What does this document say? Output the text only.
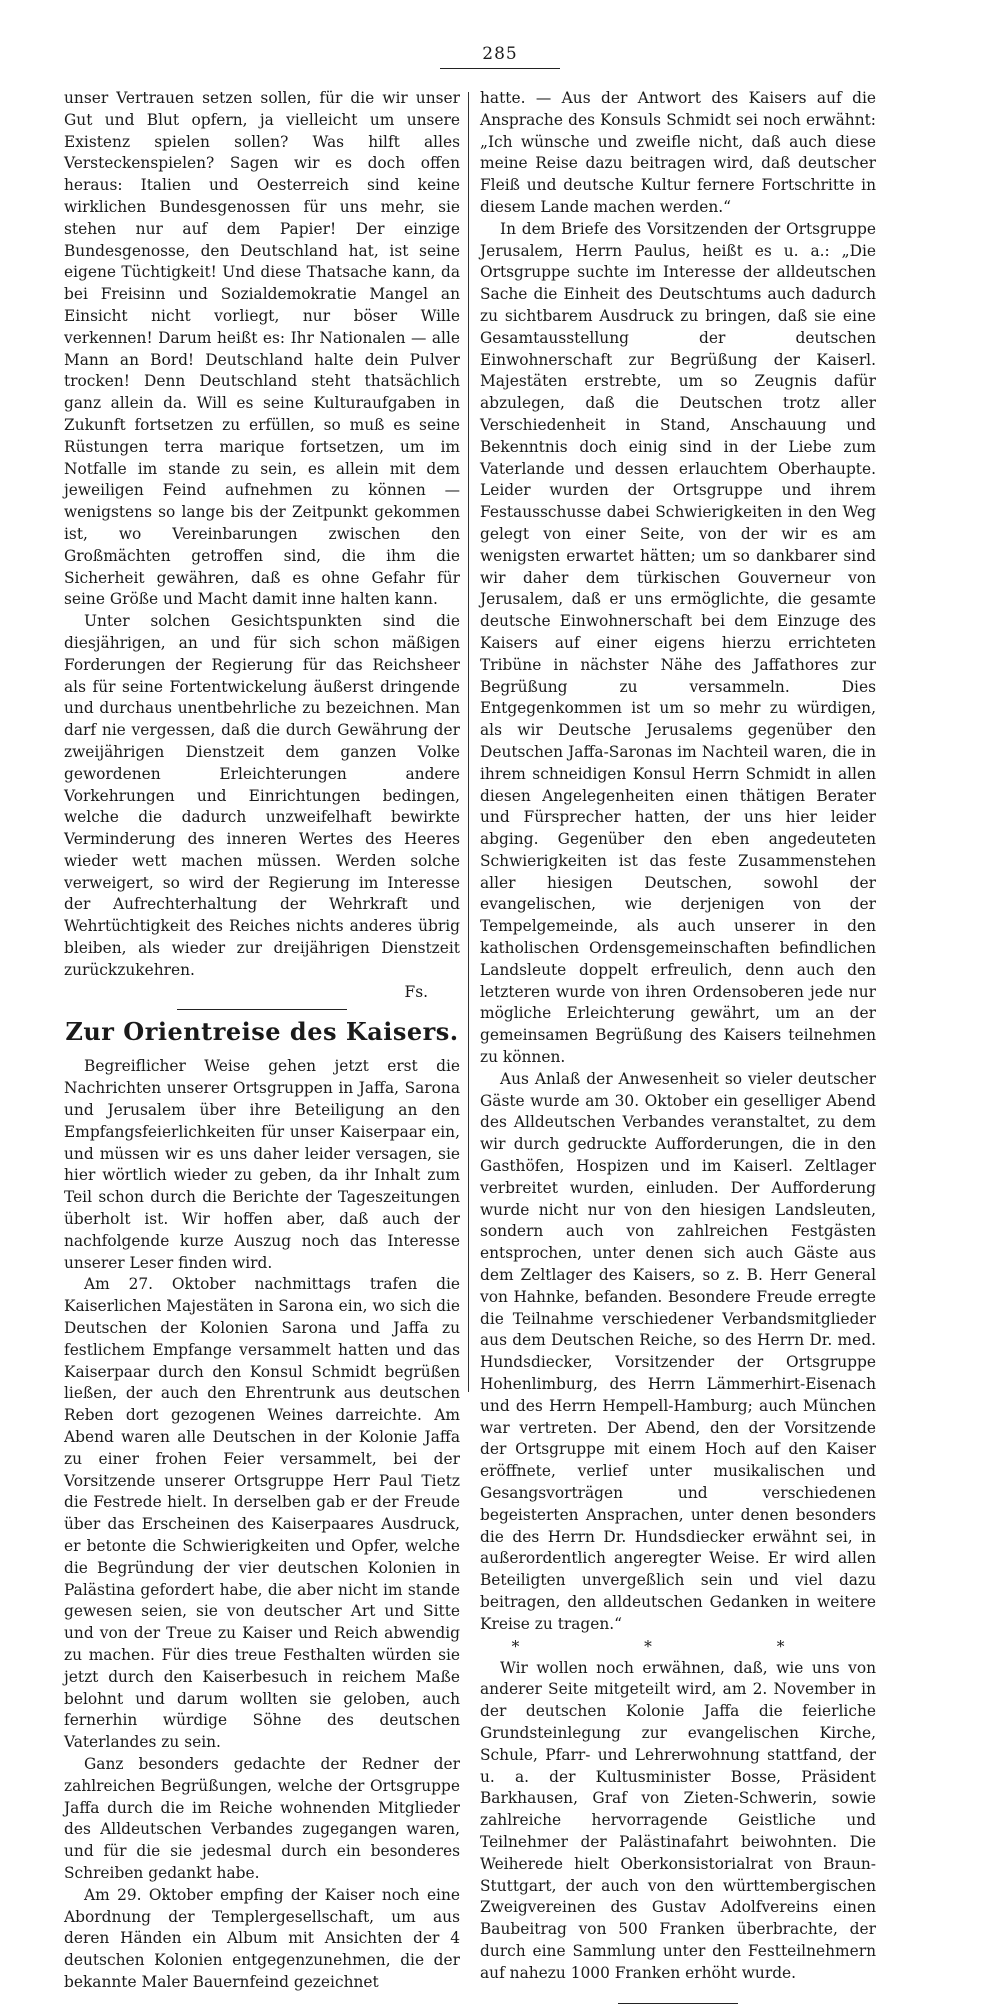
285

unser Vertrauen setzen sollen, für die wir unser Gut und Blut opfern, ja vielleicht um unsere Existenz spielen sollen? Was hilft alles Versteckenspielen? Sagen wir es doch offen heraus: Italien und Oesterreich sind keine wirklichen Bundesgenossen für uns mehr, sie stehen nur auf dem Papier! Der einzige Bundesgenosse, den Deutschland hat, ist seine eigene Tüchtigkeit! Und diese Thatsache kann, da bei Freisinn und Sozialdemokratie Mangel an Einsicht nicht vorliegt, nur böser Wille verkennen! Darum heißt es: Ihr Nationalen — alle Mann an Bord! Deutschland halte dein Pulver trocken! Denn Deutschland steht thatsächlich ganz allein da. Will es seine Kulturaufgaben in Zukunft fortsetzen zu erfüllen, so muß es seine Rüstungen terra marique fortsetzen, um im Notfalle im stande zu sein, es allein mit dem jeweiligen Feind aufnehmen zu können — wenigstens so lange bis der Zeitpunkt gekommen ist, wo Vereinbarungen zwischen den Großmächten getroffen sind, die ihm die Sicherheit gewähren, daß es ohne Gefahr für seine Größe und Macht damit inne halten kann.

Unter solchen Gesichtspunkten sind die diesjährigen, an und für sich schon mäßigen Forderungen der Regierung für das Reichsheer als für seine Fortentwickelung äußerst dringende und durchaus unentbehrliche zu bezeichnen. Man darf nie vergessen, daß die durch Gewährung der zweijährigen Dienstzeit dem ganzen Volke gewordenen Erleichterungen andere Vorkehrungen und Einrichtungen bedingen, welche die dadurch unzweifelhaft bewirkte Verminderung des inneren Wertes des Heeres wieder wett machen müssen. Werden solche verweigert, so wird der Regierung im Interesse der Aufrechterhaltung der Wehrkraft und Wehrtüchtigkeit des Reiches nichts anderes übrig bleiben, als wieder zur dreijährigen Dienstzeit zurückzukehren.

Fs.

Zur Orientreise des Kaisers.

Begreiflicher Weise gehen jetzt erst die Nachrichten unserer Ortsgruppen in Jaffa, Sarona und Jerusalem über ihre Beteiligung an den Empfangsfeierlichkeiten für unser Kaiserpaar ein, und müssen wir es uns daher leider versagen, sie hier wörtlich wieder zu geben, da ihr Inhalt zum Teil schon durch die Berichte der Tageszeitungen überholt ist. Wir hoffen aber, daß auch der nachfolgende kurze Auszug noch das Interesse unserer Leser finden wird.

Am 27. Oktober nachmittags trafen die Kaiserlichen Majestäten in Sarona ein, wo sich die Deutschen der Kolonien Sarona und Jaffa zu festlichem Empfange versammelt hatten und das Kaiserpaar durch den Konsul Schmidt begrüßen ließen, der auch den Ehrentrunk aus deutschen Reben dort gezogenen Weines darreichte. Am Abend waren alle Deutschen in der Kolonie Jaffa zu einer frohen Feier versammelt, bei der Vorsitzende unserer Ortsgruppe Herr Paul Tietz die Festrede hielt. In derselben gab er der Freude über das Erscheinen des Kaiserpaares Ausdruck, er betonte die Schwierigkeiten und Opfer, welche die Begründung der vier deutschen Kolonien in Palästina gefordert habe, die aber nicht im stande gewesen seien, sie von deutscher Art und Sitte und von der Treue zu Kaiser und Reich abwendig zu machen. Für dies treue Festhalten würden sie jetzt durch den Kaiserbesuch in reichem Maße belohnt und darum wollten sie geloben, auch fernerhin würdige Söhne des deutschen Vaterlandes zu sein.

Ganz besonders gedachte der Redner der zahlreichen Begrüßungen, welche der Ortsgruppe Jaffa durch die im Reiche wohnenden Mitglieder des Alldeutschen Verbandes zugegangen waren, und für die sie jedesmal durch ein besonderes Schreiben gedankt habe.

Am 29. Oktober empfing der Kaiser noch eine Abordnung der Templergesellschaft, um aus deren Händen ein Album mit Ansichten der 4 deutschen Kolonien entgegenzunehmen, die der bekannte Maler Bauernfeind gezeichnet

hatte. — Aus der Antwort des Kaisers auf die Ansprache des Konsuls Schmidt sei noch erwähnt: „Ich wünsche und zweifle nicht, daß auch diese meine Reise dazu beitragen wird, daß deutscher Fleiß und deutsche Kultur fernere Fortschritte in diesem Lande machen werden.“

In dem Briefe des Vorsitzenden der Ortsgruppe Jerusalem, Herrn Paulus, heißt es u. a.: „Die Ortsgruppe suchte im Interesse der alldeutschen Sache die Einheit des Deutschtums auch dadurch zu sichtbarem Ausdruck zu bringen, daß sie eine Gesamtausstellung der deutschen Einwohnerschaft zur Begrüßung der Kaiserl. Majestäten erstrebte, um so Zeugnis dafür abzulegen, daß die Deutschen trotz aller Verschiedenheit in Stand, Anschauung und Bekenntnis doch einig sind in der Liebe zum Vaterlande und dessen erlauchtem Oberhaupte. Leider wurden der Ortsgruppe und ihrem Festausschusse dabei Schwierigkeiten in den Weg gelegt von einer Seite, von der wir es am wenigsten erwartet hätten; um so dankbarer sind wir daher dem türkischen Gouverneur von Jerusalem, daß er uns ermöglichte, die gesamte deutsche Einwohnerschaft bei dem Einzuge des Kaisers auf einer eigens hierzu errichteten Tribüne in nächster Nähe des Jaffathores zur Begrüßung zu versammeln. Dies Entgegenkommen ist um so mehr zu würdigen, als wir Deutsche Jerusalems gegenüber den Deutschen Jaffa-Saronas im Nachteil waren, die in ihrem schneidigen Konsul Herrn Schmidt in allen diesen Angelegenheiten einen thätigen Berater und Fürsprecher hatten, der uns hier leider abging. Gegenüber den eben angedeuteten Schwierigkeiten ist das feste Zusammenstehen aller hiesigen Deutschen, sowohl der evangelischen, wie derjenigen von der Tempelgemeinde, als auch unserer in den katholischen Ordensgemeinschaften befindlichen Landsleute doppelt erfreulich, denn auch den letzteren wurde von ihren Ordensoberen jede nur mögliche Erleichterung gewährt, um an der gemeinsamen Begrüßung des Kaisers teilnehmen zu können.

Aus Anlaß der Anwesenheit so vieler deutscher Gäste wurde am 30. Oktober ein geselliger Abend des Alldeutschen Verbandes veranstaltet, zu dem wir durch gedruckte Aufforderungen, die in den Gasthöfen, Hospizen und im Kaiserl. Zeltlager verbreitet wurden, einluden. Der Aufforderung wurde nicht nur von den hiesigen Landsleuten, sondern auch von zahlreichen Festgästen entsprochen, unter denen sich auch Gäste aus dem Zeltlager des Kaisers, so z. B. Herr General von Hahnke, befanden. Besondere Freude erregte die Teilnahme verschiedener Verbandsmitglieder aus dem Deutschen Reiche, so des Herrn Dr. med. Hundsdiecker, Vorsitzender der Ortsgruppe Hohenlimburg, des Herrn Lämmerhirt-Eisenach und des Herrn Hempell-Hamburg; auch München war vertreten. Der Abend, den der Vorsitzende der Ortsgruppe mit einem Hoch auf den Kaiser eröffnete, verlief unter musikalischen und Gesangsvorträgen und verschiedenen begeisterten Ansprachen, unter denen besonders die des Herrn Dr. Hundsdiecker erwähnt sei, in außerordentlich angeregter Weise. Er wird allen Beteiligten unvergeßlich sein und viel dazu beitragen, den alldeutschen Gedanken in weitere Kreise zu tragen.“

* * *

Wir wollen noch erwähnen, daß, wie uns von anderer Seite mitgeteilt wird, am 2. November in der deutschen Kolonie Jaffa die feierliche Grundsteinlegung zur evangelischen Kirche, Schule, Pfarr- und Lehrerwohnung stattfand, der u. a. der Kultusminister Bosse, Präsident Barkhausen, Graf von Zieten-Schwerin, sowie zahlreiche hervorragende Geistliche und Teilnehmer der Palästinafahrt beiwohnten. Die Weiherede hielt Oberkonsistorialrat von Braun-Stuttgart, der auch von den württembergischen Zweigvereinen des Gustav Adolfvereins einen Baubeitrag von 500 Franken überbrachte, der durch eine Sammlung unter den Festteilnehmern auf nahezu 1000 Franken erhöht wurde.
